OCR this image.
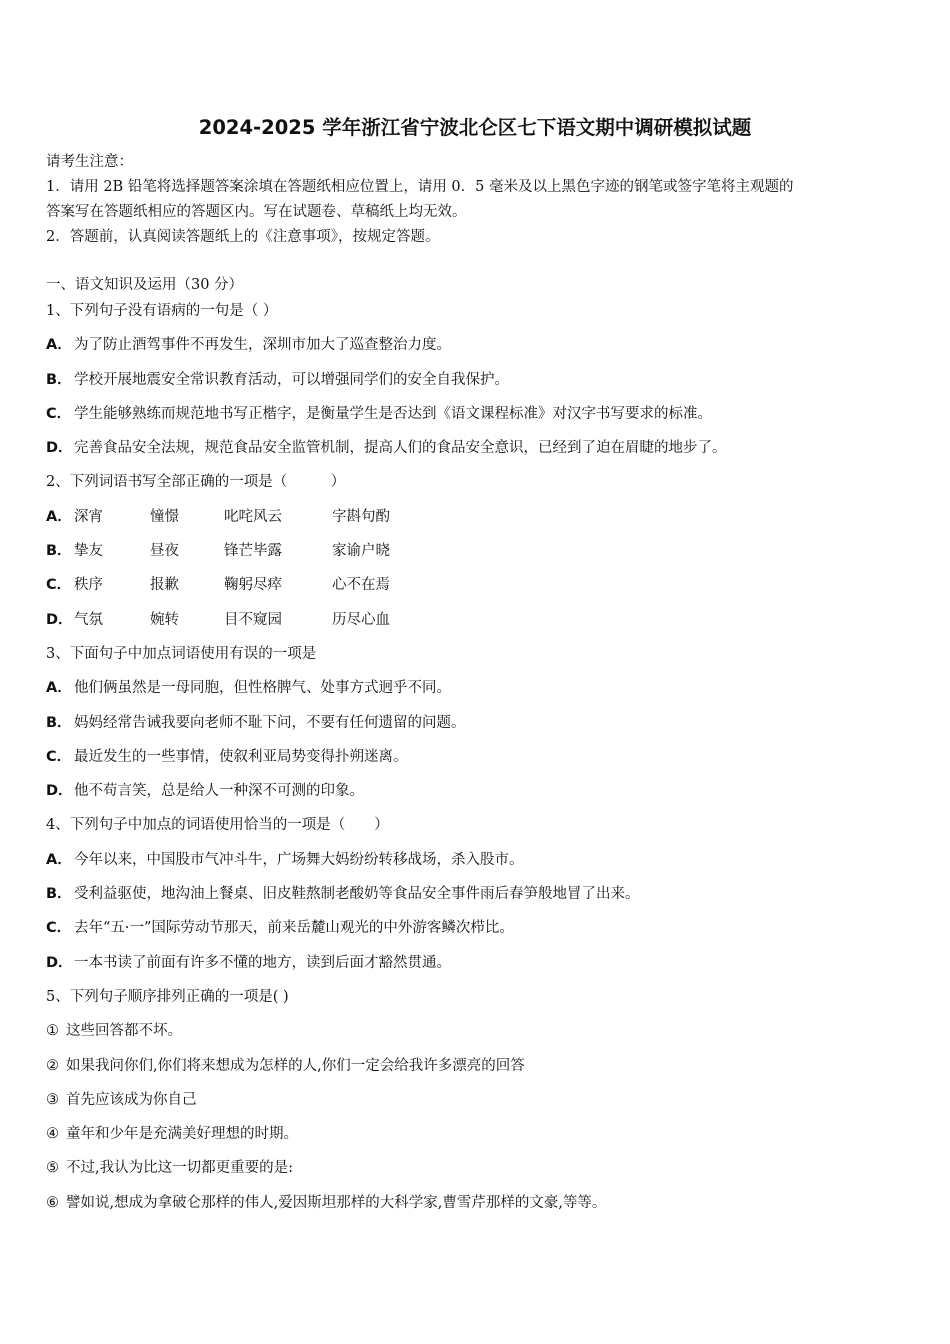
2024-2025 学年浙江省宁波北仑区七下语文期中调研模拟试题

请考生注意：

1．请用 2B 铅笔将选择题答案涂填在答题纸相应位置上，请用 0．5 毫米及以上黑色字迹的钢笔或签字笔将主观题的

答案写在答题纸相应的答题区内。写在试题卷、草稿纸上均无效。

2．答题前，认真阅读答题纸上的《注意事项》，按规定答题。

一、语文知识及运用（30 分）
1、下列句子没有语病的一句是（ ）
A． 为了防止酒驾事件不再发生，深圳市加大了巡查整治力度。
B． 学校开展地震安全常识教育活动，可以增强同学们的安全自我保护。
C． 学生能够熟练而规范地书写正楷字，是衡量学生是否达到《语文课程标准》对汉字书写要求的标准。
D．完善食品安全法规，规范食品安全监管机制，提高人们的食品安全意识，已经到了迫在眉睫的地步了。
2、下列词语书写全部正确的一项是（　　　）
A． 深宵	憧憬	叱咤风云	字斟句酌
B． 挚友	昼夜	锋芒毕露	家谕户晓
C． 秩序	报歉	鞠躬尽瘁	心不在焉
D．气氛	婉转	目不窥园	历尽心血
3、下面句子中加点词语使用有误的一项是
A． 他们俩虽然是一母同胞，但性格脾气、处事方式迥乎不同。
B． 妈妈经常告诫我要向老师不耻下问，不要有任何遗留的问题。
C． 最近发生的一些事情，使叙利亚局势变得扑朔迷离。
D．他不苟言笑，总是给人一种深不可测的印象。
4、下列句子中加点的词语使用恰当的一项是（　　）
A． 今年以来，中国股市气冲斗牛，广场舞大妈纷纷转移战场，杀入股市。
B． 受利益驱使，地沟油上餐桌、旧皮鞋熬制老酸奶等食品安全事件雨后春笋般地冒了出来。
C． 去年“五·一”国际劳动节那天，前来岳麓山观光的中外游客鳞次栉比。
D．一本书读了前面有许多不懂的地方，读到后面才豁然贯通。
5、下列句子顺序排列正确的一项是( )
① 这些回答都不坏。
② 如果我问你们,你们将来想成为怎样的人,你们一定会给我许多漂亮的回答
③ 首先应该成为你自己
④ 童年和少年是充满美好理想的时期。
⑤ 不过,我认为比这一切都更重要的是:
⑥ 譬如说,想成为拿破仑那样的伟人,爱因斯坦那样的大科学家,曹雪芹那样的文豪,等等。
